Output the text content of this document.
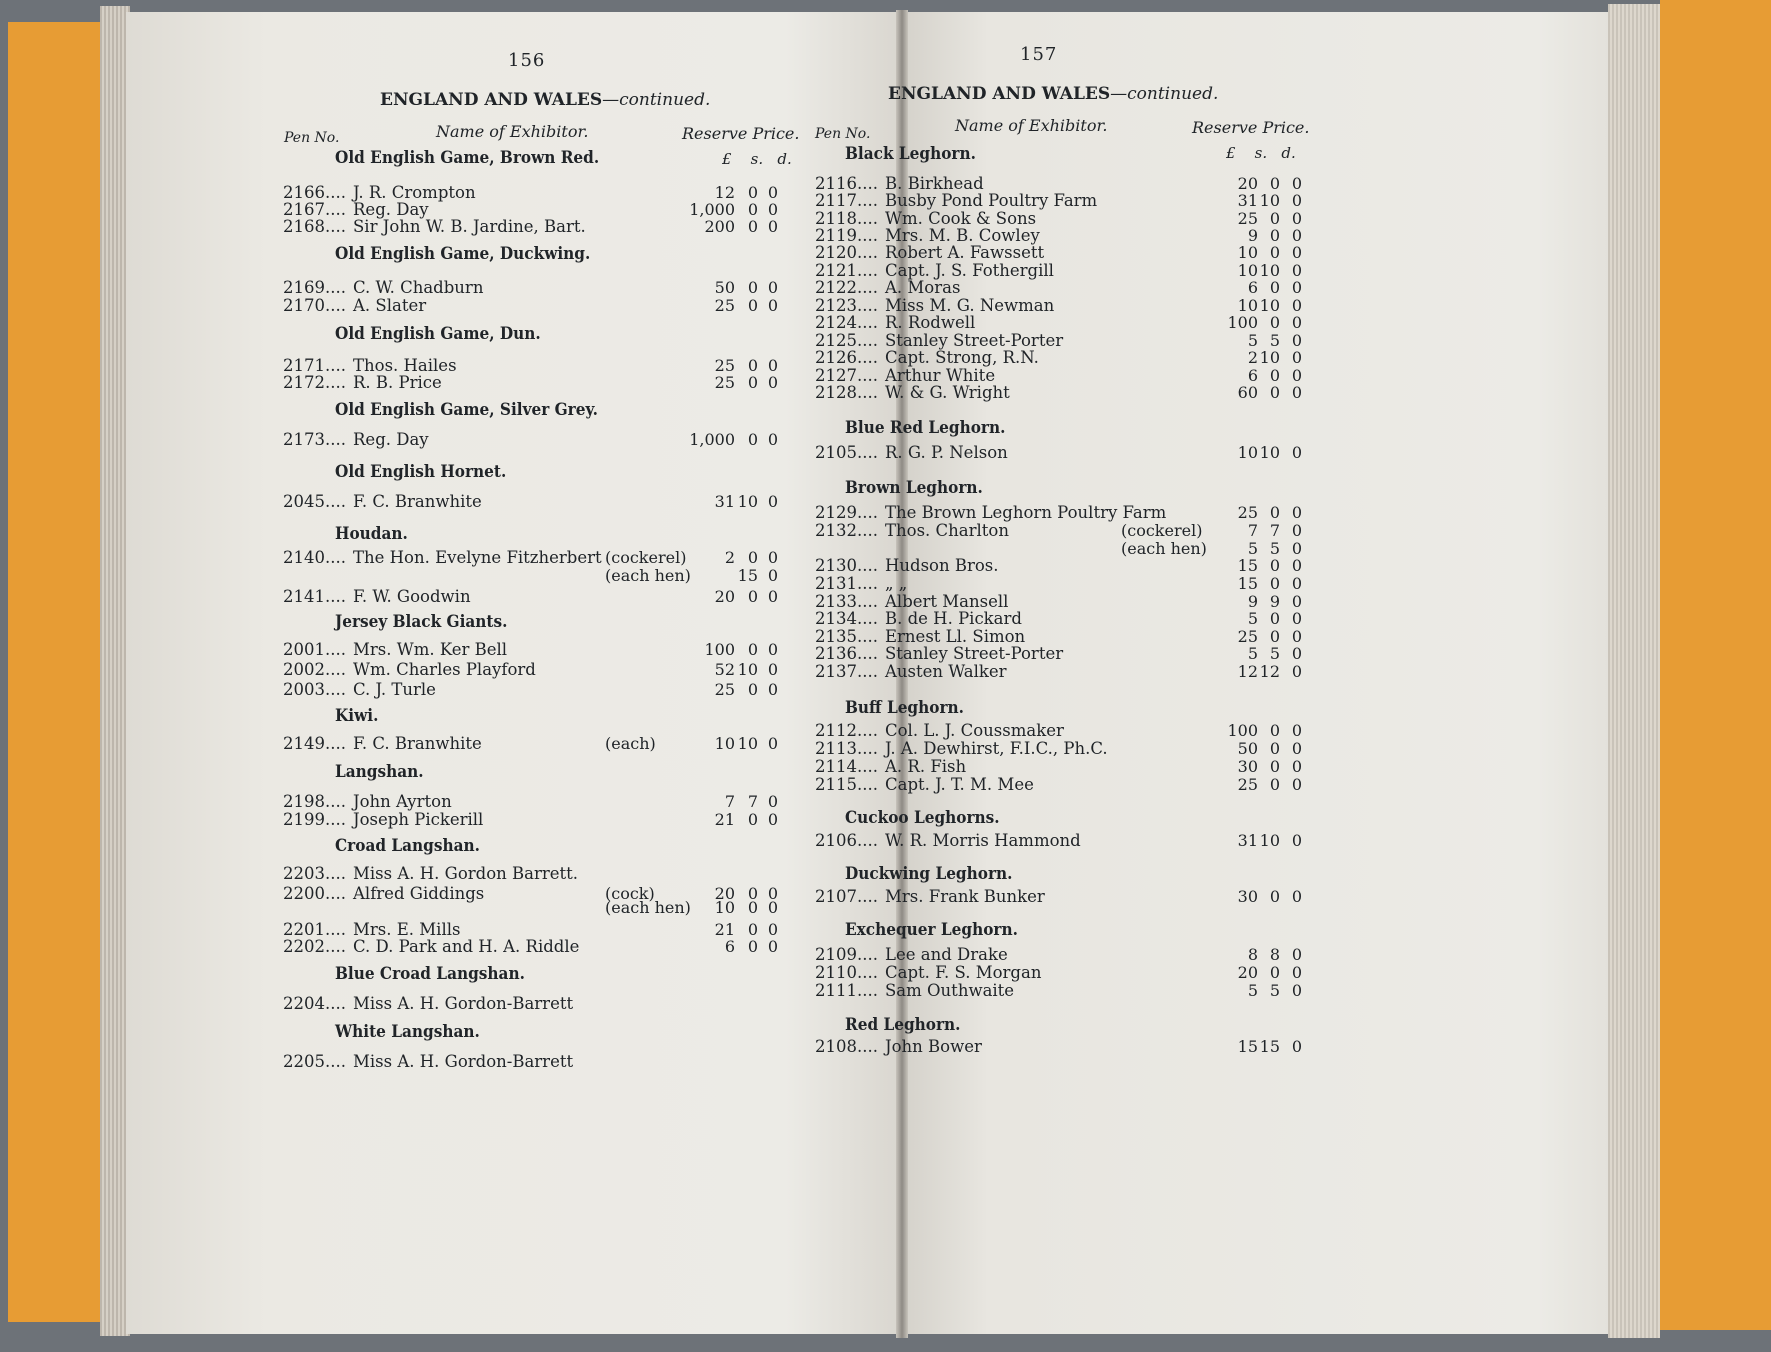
156
ENGLAND AND WALES—continued.
Pen No.	Name of Exhibitor.	Reserve Price.
£    s.   d.
Old English Game, Brown Red.
2166.... J. R. Crompton	12 0 0
2167.... Reg. Day	1,000 0 0
2168.... Sir John W. B. Jardine, Bart.	200 0 0
Old English Game, Duckwing.
2169.... C. W. Chadburn	50 0 0
2170.... A. Slater	25 0 0
Old English Game, Dun.
2171.... Thos. Hailes	25 0 0
2172.... R. B. Price	25 0 0
Old English Game, Silver Grey.
2173.... Reg. Day	1,000 0 0
Old English Hornet.
2045.... F. C. Branwhite	31 10 0
Houdan.
2140.... The Hon. Evelyne Fitzherbert (cockerel)	2 0 0
(each hen)	15 0
2141.... F. W. Goodwin	20 0 0
Jersey Black Giants.
2001.... Mrs. Wm. Ker Bell	100 0 0
2002.... Wm. Charles Playford	52 10 0
2003.... C. J. Turle	25 0 0
Kiwi.
2149.... F. C. Branwhite	(each)	10 10 0
Langshan.
2198.... John Ayrton	7 7 0
2199.... Joseph Pickerill	21 0 0
Croad Langshan.
2203.... Miss A. H. Gordon Barrett.
2200.... Alfred Giddings	(cock)	20 0 0
(each hen)	10 0 0
2201.... Mrs. E. Mills	21 0 0
2202.... C. D. Park and H. A. Riddle	6 0 0
Blue Croad Langshan.
2204.... Miss A. H. Gordon-Barrett
White Langshan.
2205.... Miss A. H. Gordon-Barrett
157
ENGLAND AND WALES—continued.
Pen No.	Name of Exhibitor.	Reserve Price.
£    s.   d.
Black Leghorn.
2116.... B. Birkhead	20 0 0
2117.... Busby Pond Poultry Farm	31 10 0
2118.... Wm. Cook & Sons	25 0 0
2119.... Mrs. M. B. Cowley	9 0 0
2120.... Robert A. Fawssett	10 0 0
2121.... Capt. J. S. Fothergill	10 10 0
2122.... A. Moras	6 0 0
2123.... Miss M. G. Newman	10 10 0
2124.... R. Rodwell	100 0 0
2125.... Stanley Street-Porter	5 5 0
2126.... Capt. Strong, R.N.	2 10 0
2127.... Arthur White	6 0 0
2128.... W. & G. Wright	60 0 0
Blue Red Leghorn.
2105.... R. G. P. Nelson	10 10 0
Brown Leghorn.
2129.... The Brown Leghorn Poultry Farm	25 0 0
2132.... Thos. Charlton	(cockerel)	7 7 0
(each hen)	5 5 0
2130.... Hudson Bros.	15 0 0
2131.... „ „	15 0 0
2133.... Albert Mansell	9 9 0
2134.... B. de H. Pickard	5 0 0
2135.... Ernest Ll. Simon	25 0 0
2136.... Stanley Street-Porter	5 5 0
2137.... Austen Walker	12 12 0
Buff Leghorn.
2112.... Col. L. J. Coussmaker	100 0 0
2113.... J. A. Dewhirst, F.I.C., Ph.C.	50 0 0
2114.... A. R. Fish	30 0 0
2115.... Capt. J. T. M. Mee	25 0 0
Cuckoo Leghorns.
2106.... W. R. Morris Hammond	31 10 0
Duckwing Leghorn.
2107.... Mrs. Frank Bunker	30 0 0
Exchequer Leghorn.
2109.... Lee and Drake	8 8 0
2110.... Capt. F. S. Morgan	20 0 0
2111.... Sam Outhwaite	5 5 0
Red Leghorn.
2108.... John Bower	15 15 0
